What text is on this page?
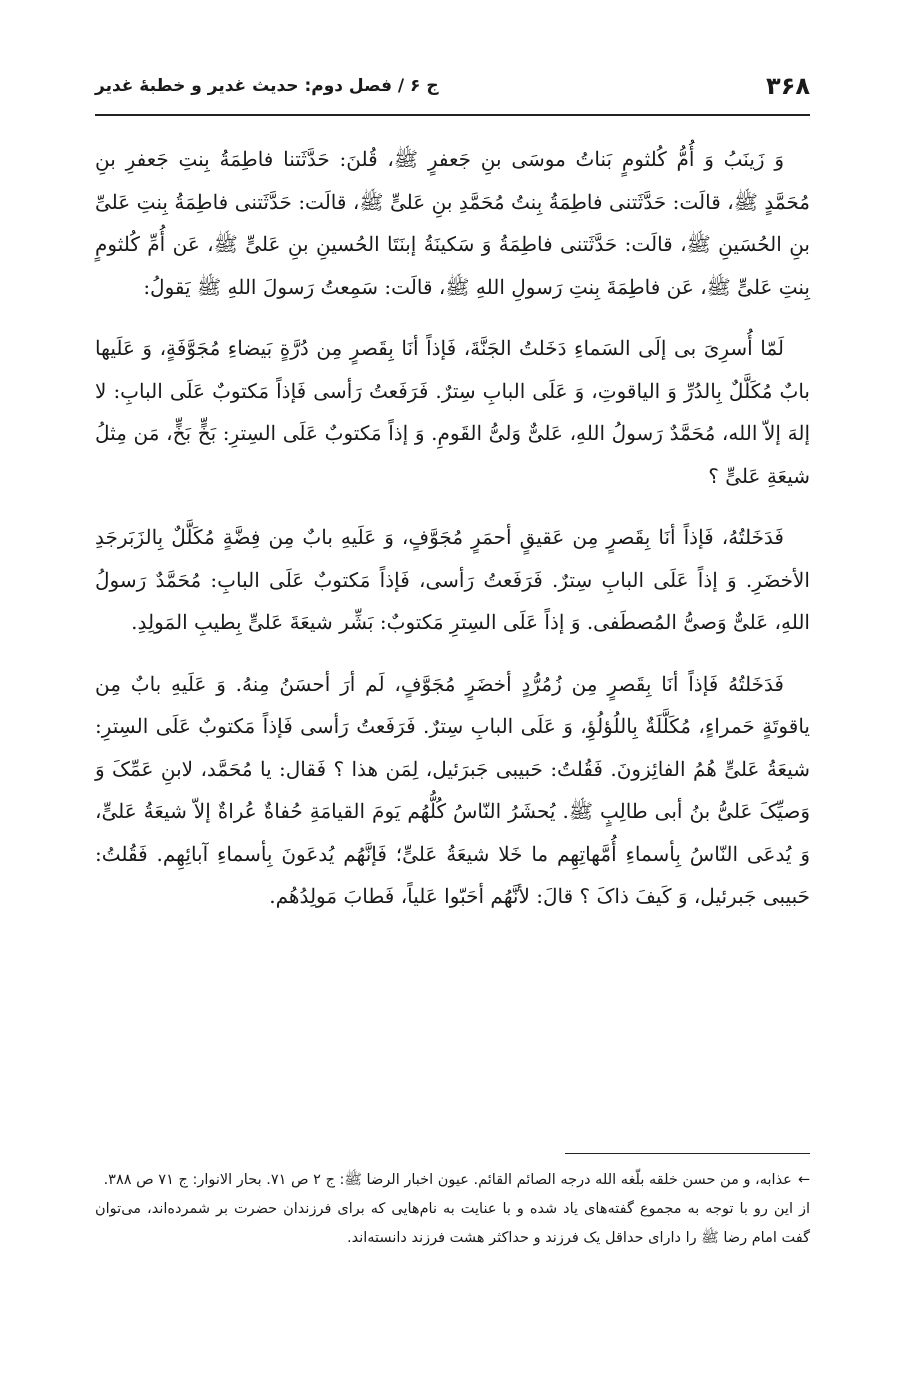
۳۶۸
ج ۶ / فصل دوم: حدیث غدیر و خطبهٔ غدیر

وَ زَینَبُ وَ أُمُّ کُلثومٍ بَناتُ موسَی بنِ جَعفرٍ ﷺ، قُلنَ: حَدَّثَتنا فاطِمَةُ بِنتِ جَعفرِ بنِ مُحَمَّدٍ ﷺ، قالَت: حَدَّثَتنی فاطِمَةُ بِنتُ مُحَمَّدِ بنِ عَلیٍّ ﷺ، قالَت: حَدَّثَتنی فاطِمَةُ بِنتِ عَلیِّ بنِ الحُسَینِ ﷺ، قالَت: حَدَّثَتنی فاطِمَةُ وَ سَکینَةُ إبنَتَا الحُسینِ بنِ عَلیٍّ ﷺ، عَن أُمِّ کُلثومٍ بِنتِ عَلیٍّ ﷺ، عَن فاطِمَةَ بِنتِ رَسولِ اللهِ ﷺ، قالَت: سَمِعتُ رَسولَ اللهِ ﷺ یَقولُ:

لَمّا أُسرِیَ بی إلَی السَماءِ دَخَلتُ الجَنَّةَ، فَإذاً أنَا بِقَصرٍ مِن دُرَّةٍ بَیضاءِ مُجَوَّفَةٍ، وَ عَلَیها بابٌ مُکَلَّلٌ بِالدُرِّ وَ الیاقوتِ، وَ عَلَی البابِ سِترٌ. فَرَفَعتُ رَأسی فَإذاً مَکتوبٌ عَلَی البابِ: لا إلهَ إلاّ الله، مُحَمَّدٌ رَسولُ اللهِ، عَلیٌّ وَلیُّ القَومِ. وَ إذاً مَکتوبٌ عَلَی السِترِ: بَخٍّ بَخٍّ، مَن مِثلُ شیعَةِ عَلیٍّ ؟

فَدَخَلتُهُ، فَإذاً أنَا بِقَصرٍ مِن عَقیقٍ أحمَرٍ مُجَوَّفٍ، وَ عَلَیهِ بابٌ مِن فِضَّةٍ مُکَلَّلٌ بِالزَبَرجَدِ الأخضَرِ. وَ إذاً عَلَی البابِ سِترٌ. فَرَفَعتُ رَأسی، فَإذاً مَکتوبٌ عَلَی البابِ: مُحَمَّدٌ رَسولُ اللهِ، عَلیٌّ وَصیُّ المُصطَفی. وَ إذاً عَلَی السِترِ مَکتوبٌ: بَشِّر شیعَةَ عَلیٍّ بِطیبِ المَولِدِ.

فَدَخَلتُهُ فَإذاً أنَا بِقَصرٍ مِن زُمُرُّدٍ أخضَرٍ مُجَوَّفٍ، لَم أرَ أحسَنُ مِنهُ. وَ عَلَیهِ بابٌ مِن یاقوتَةٍ حَمراءٍ، مُکَلَّلَةٌ بِاللُؤلُؤِ، وَ عَلَی البابِ سِترٌ. فَرَفَعتُ رَأسی فَإذاً مَکتوبٌ عَلَی السِترِ: شیعَةُ عَلیٍّ هُمُ الفائِزونَ. فَقُلتُ: حَبیبی جَبرَئیل، لِمَن هذا ؟ فَقال: یا مُحَمَّد، لابنِ عَمِّکَ وَ وَصیِّکَ عَلیُّ بنُ أبی طالِبٍ ﷺ. یُحشَرُ النّاسُ کُلُّهُم یَومَ القیامَةِ حُفاةٌ عُراةٌ إلاّ شیعَةُ عَلیٍّ، وَ یُدعَی النّاسُ بِأسماءِ أُمَّهاتِهِم ما خَلا شیعَةُ عَلیٍّ؛ فَإنَّهُم یُدعَونَ بِأسماءِ آبائِهِم. فَقُلتُ: حَبیبی جَبرئیل، وَ کَیفَ ذاکَ ؟ قالَ: لأنَّهُم أحَبّوا عَلیاً، فَطابَ مَولِدُهُم.

←عذابه، و من حسن خلقه بلّغه الله درجه الصائم القائم. عیون اخبار الرضا ﷺ: ج ۲ ص ۷۱. بحار الانوار: ج ۷۱ ص ۳۸۸.

از این رو با توجه به مجموع گفته‌های یاد شده و با عنایت به نام‌هایی که برای فرزندان حضرت بر شمرده‌اند، می‌توان گفت امام رضا ﷺ را دارای حداقل یک فرزند و حداکثر هشت فرزند دانسته‌اند.
